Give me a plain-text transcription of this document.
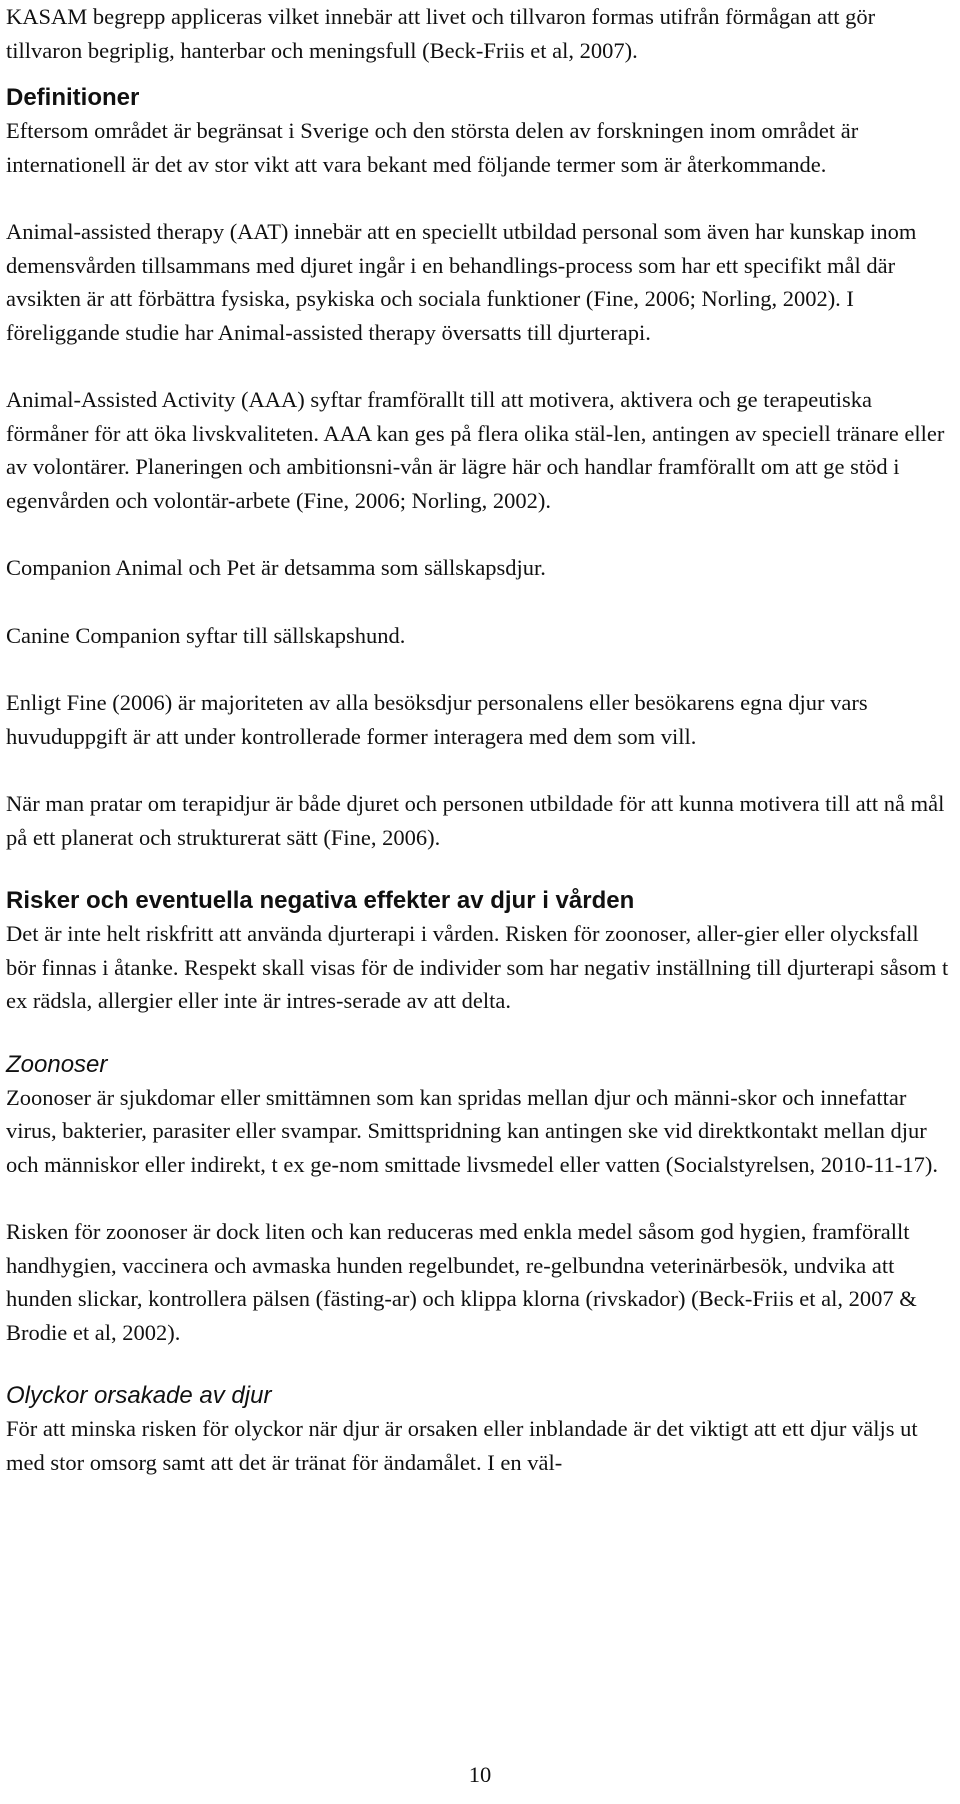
KASAM begrepp appliceras vilket innebär att livet och tillvaron formas utifrån förmågan att gör tillvaron begriplig, hanterbar och meningsfull (Beck-Friis et al, 2007).

Definitioner

Eftersom området är begränsat i Sverige och den största delen av forskningen inom området är internationell är det av stor vikt att vara bekant med följande termer som är återkommande.

Animal-assisted therapy (AAT) innebär att en speciellt utbildad personal som även har kunskap inom demensvården tillsammans med djuret ingår i en behandlings-process som har ett specifikt mål där avsikten är att förbättra fysiska, psykiska och sociala funktioner (Fine, 2006; Norling, 2002). I föreliggande studie har Animal-assisted therapy översatts till djurterapi.

Animal-Assisted Activity (AAA) syftar framförallt till att motivera, aktivera och ge terapeutiska förmåner för att öka livskvaliteten. AAA kan ges på flera olika stäl-len, antingen av speciell tränare eller av volontärer. Planeringen och ambitionsni-vån är lägre här och handlar framförallt om att ge stöd i egenvården och volontär-arbete (Fine, 2006; Norling, 2002).

Companion Animal och Pet är detsamma som sällskapsdjur.

Canine Companion syftar till sällskapshund.

Enligt Fine (2006) är majoriteten av alla besöksdjur personalens eller besökarens egna djur vars huvuduppgift är att under kontrollerade former interagera med dem som vill.

När man pratar om terapidjur är både djuret och personen utbildade för att kunna motivera till att nå mål på ett planerat och strukturerat sätt (Fine, 2006).

Risker och eventuella negativa effekter av djur i vården

Det är inte helt riskfritt att använda djurterapi i vården. Risken för zoonoser, aller-gier eller olycksfall bör finnas i åtanke. Respekt skall visas för de individer som har negativ inställning till djurterapi såsom t ex rädsla, allergier eller inte är intres-serade av att delta.

Zoonoser

Zoonoser är sjukdomar eller smittämnen som kan spridas mellan djur och männi-skor och innefattar virus, bakterier, parasiter eller svampar. Smittspridning kan antingen ske vid direktkontakt mellan djur och människor eller indirekt, t ex ge-nom smittade livsmedel eller vatten (Socialstyrelsen, 2010-11-17).

Risken för zoonoser är dock liten och kan reduceras med enkla medel såsom god hygien, framförallt handhygien, vaccinera och avmaska hunden regelbundet, re-gelbundna veterinärbesök, undvika att hunden slickar, kontrollera pälsen (fästing-ar) och klippa klorna (rivskador) (Beck-Friis et al, 2007 & Brodie et al, 2002).

Olyckor orsakade av djur

För att minska risken för olyckor när djur är orsaken eller inblandade är det viktigt att ett djur väljs ut med stor omsorg samt att det är tränat för ändamålet. I en väl-

10
